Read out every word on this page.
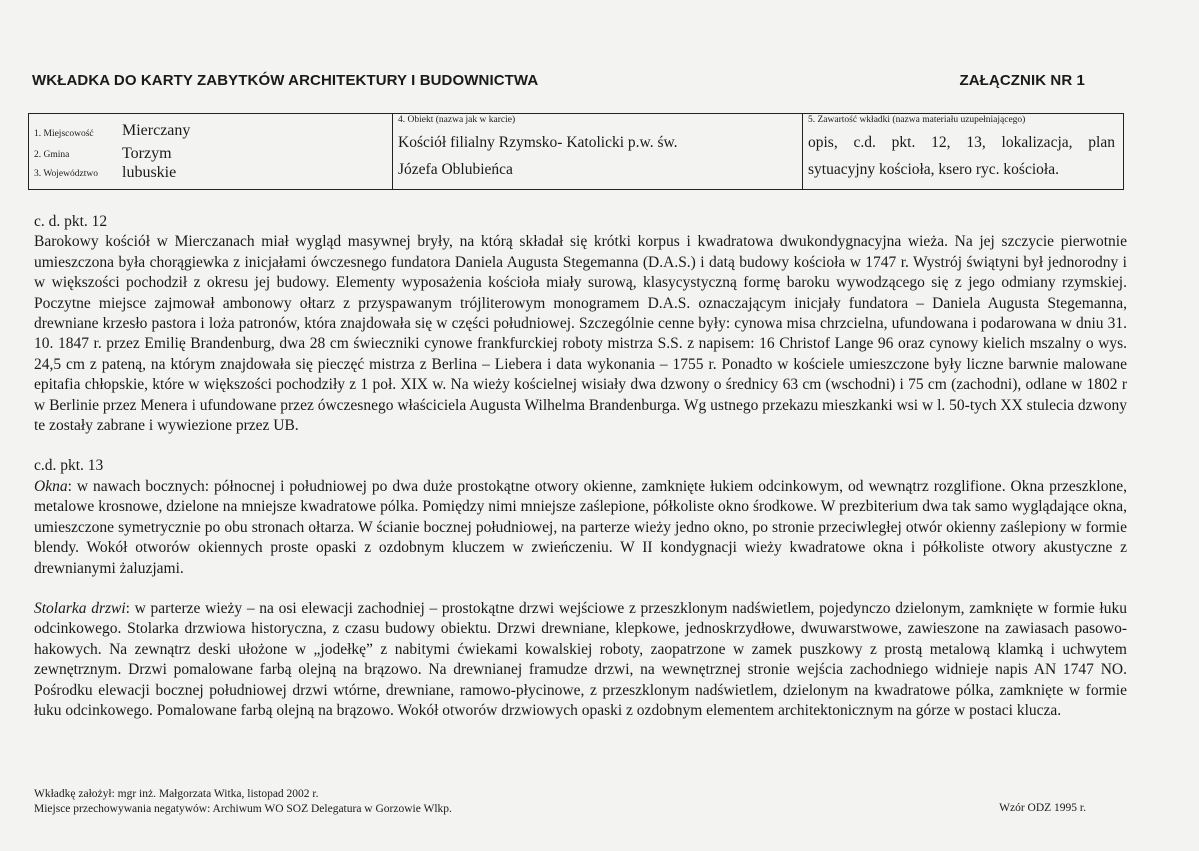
WKŁADKA DO KARTY ZABYTKÓW ARCHITEKTURY I BUDOWNICTWA	ZAŁĄCZNIK NR 1
1. Miejscowość Mierczany
2. Gmina	Torzym
3. Województwo lubuskie
4. Obiekt (nazwa jak w karcie)
Kościół filialny Rzymsko- Katolicki p.w. św.
Józefa Oblubieńca
5. Zawartość wkładki (nazwa materiału uzupełniającego)
opis, c.d. pkt. 12, 13, lokalizacja, plan
sytuacyjny kościoła, ksero ryc. kościoła.

c. d. pkt. 12

Barokowy kościół w Mierczanach miał wygląd masywnej bryły, na którą składał się krótki korpus i kwadratowa dwukondygnacyjna wieża. Na jej szczycie pierwotnie umieszczona była chorągiewka z inicjałami ówczesnego fundatora Daniela Augusta Stegemanna (D.A.S.) i datą budowy kościoła w 1747 r. Wystrój świątyni był jednorodny i w większości pochodził z okresu jej budowy. Elementy wyposażenia kościoła miały surową, klasycystyczną formę baroku wywodzącego się z jego odmiany rzymskiej. Poczytne miejsce zajmował ambonowy ołtarz z przyspawanym trójliterowym monogramem D.A.S. oznaczającym inicjały fundatora – Daniela Augusta Stegemanna, drewniane krzesło pastora i loża patronów, która znajdowała się w części południowej. Szczególnie cenne były: cynowa misa chrzcielna, ufundowana i podarowana w dniu 31. 10. 1847 r. przez Emilię Brandenburg, dwa 28 cm świeczniki cynowe frankfurckiej roboty mistrza S.S. z napisem: 16 Christof Lange 96 oraz cynowy kielich mszalny o wys. 24,5 cm z pateną, na którym znajdowała się pieczęć mistrza z Berlina – Liebera i data wykonania – 1755 r. Ponadto w kościele umieszczone były liczne barwnie malowane epitafia chłopskie, które w większości pochodziły z 1 poł. XIX w. Na wieży kościelnej wisiały dwa dzwony o średnicy 63 cm (wschodni) i 75 cm (zachodni), odlane w 1802 r w Berlinie przez Menera i ufundowane przez ówczesnego właściciela Augusta Wilhelma Brandenburga. Wg ustnego przekazu mieszkanki wsi w l. 50-tych XX stulecia dzwony te zostały zabrane i wywiezione przez UB.

c.d. pkt. 13

Okna: w nawach bocznych: północnej i południowej po dwa duże prostokątne otwory okienne, zamknięte łukiem odcinkowym, od wewnątrz rozglifione. Okna przeszklone, metalowe krosnowe, dzielone na mniejsze kwadratowe pólka. Pomiędzy nimi mniejsze zaślepione, półkoliste okno środkowe. W prezbiterium dwa tak samo wyglądające okna, umieszczone symetrycznie po obu stronach ołtarza. W ścianie bocznej południowej, na parterze wieży jedno okno, po stronie przeciwległej otwór okienny zaślepiony w formie blendy. Wokół otworów okiennych proste opaski z ozdobnym kluczem w zwieńczeniu. W II kondygnacji wieży kwadratowe okna i półkoliste otwory akustyczne z drewnianymi żaluzjami.

Stolarka drzwi: w parterze wieży – na osi elewacji zachodniej – prostokątne drzwi wejściowe z przeszklonym nadświetlem, pojedynczo dzielonym, zamknięte w formie łuku odcinkowego. Stolarka drzwiowa historyczna, z czasu budowy obiektu. Drzwi drewniane, klepkowe, jednoskrzydłowe, dwuwarstwowe, zawieszone na zawiasach pasowo-hakowych. Na zewnątrz deski ułożone w „jodełkę” z nabitymi ćwiekami kowalskiej roboty, zaopatrzone w zamek puszkowy z prostą metalową klamką i uchwytem zewnętrznym. Drzwi pomalowane farbą olejną na brązowo. Na drewnianej framudze drzwi, na wewnętrznej stronie wejścia zachodniego widnieje napis AN 1747 NO. Pośrodku elewacji bocznej południowej drzwi wtórne, drewniane, ramowo-płycinowe, z przeszklonym nadświetlem, dzielonym na kwadratowe pólka, zamknięte w formie łuku odcinkowego. Pomalowane farbą olejną na brązowo. Wokół otworów drzwiowych opaski z ozdobnym elementem architektonicznym na górze w postaci klucza.

Wkładkę założył: mgr inż. Małgorzata Witka, listopad 2002 r.
Miejsce przechowywania negatywów: Archiwum WO SOZ Delegatura w Gorzowie Wlkp.	Wzór ODZ 1995 r.
